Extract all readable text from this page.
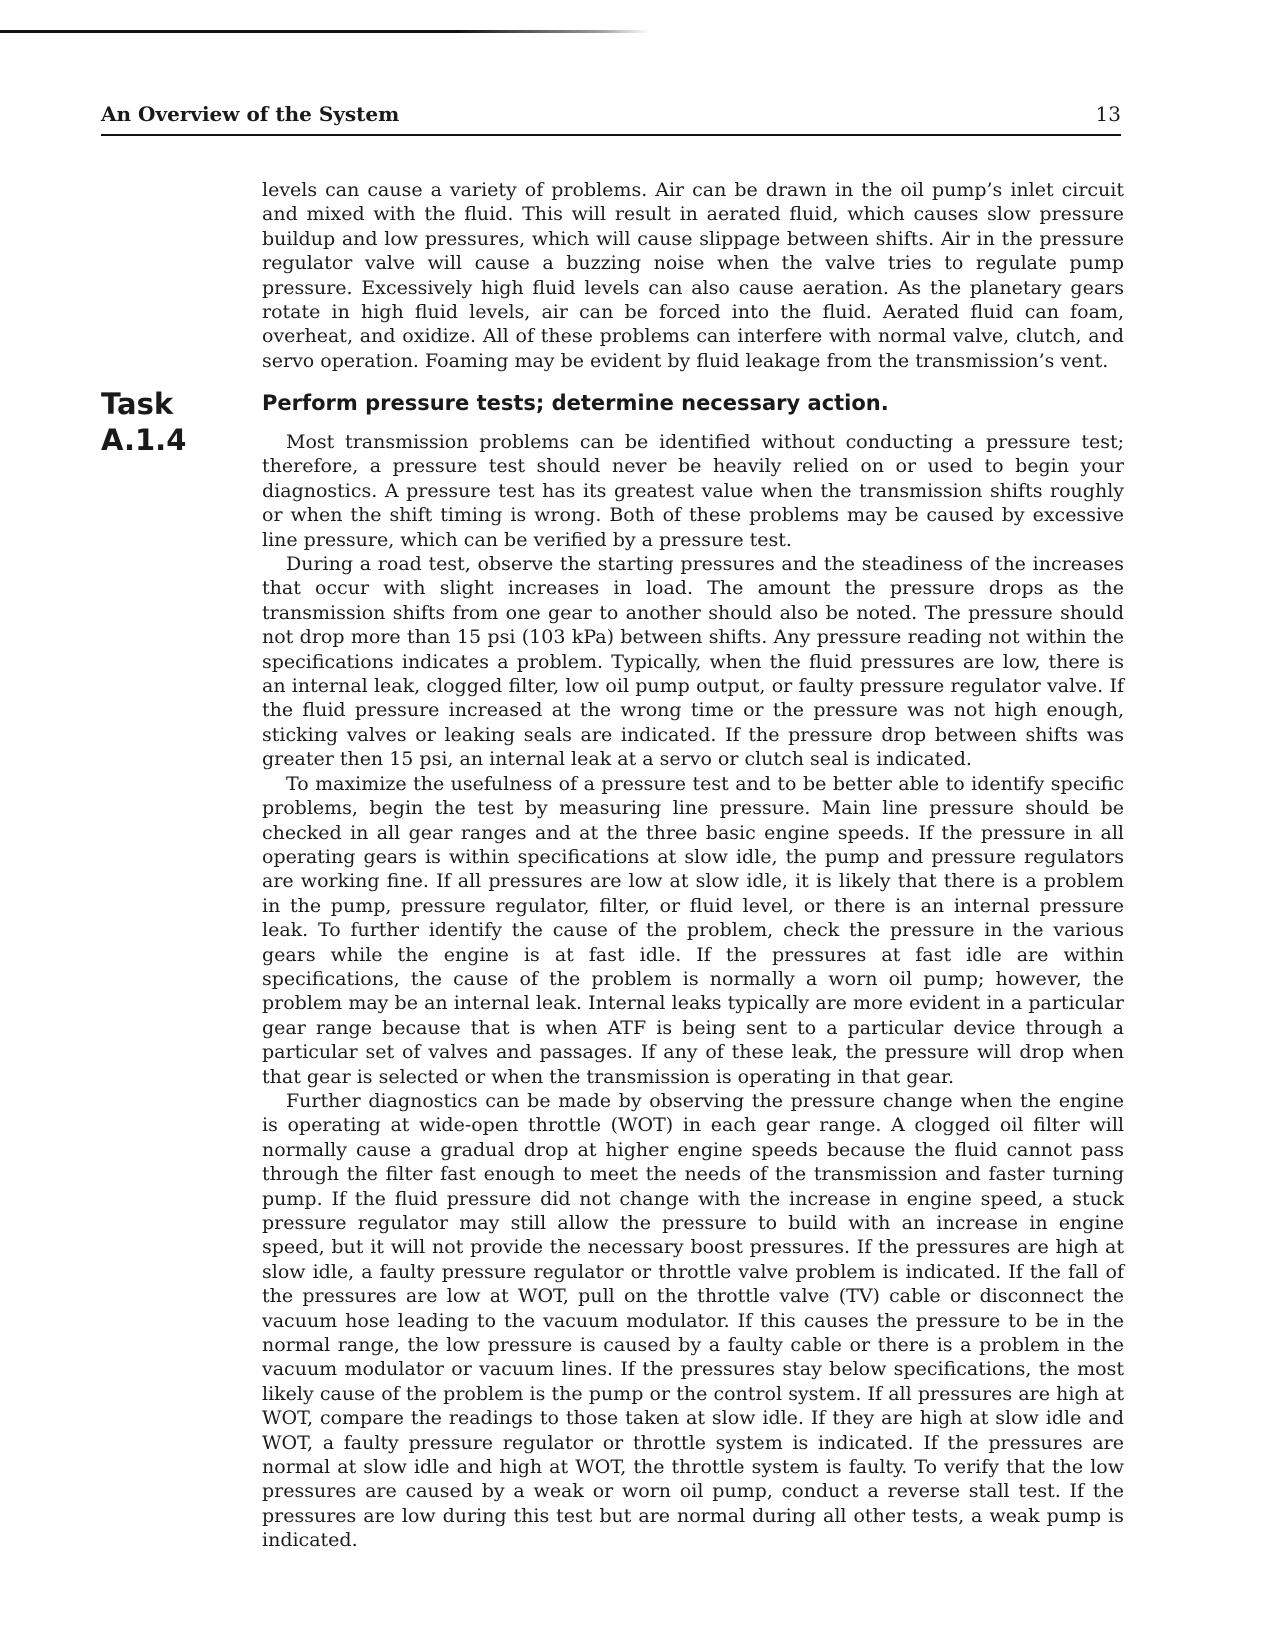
An Overview of the System	13

levels can cause a variety of problems. Air can be drawn in the oil pump’s inlet circuit and mixed with the fluid. This will result in aerated fluid, which causes slow pressure buildup and low pressures, which will cause slippage between shifts. Air in the pressure regulator valve will cause a buzzing noise when the valve tries to regulate pump pressure. Excessively high fluid levels can also cause aeration. As the planetary gears rotate in high fluid levels, air can be forced into the fluid. Aerated fluid can foam, overheat, and oxidize. All of these problems can interfere with normal valve, clutch, and servo operation. Foaming may be evident by fluid leakage from the transmission’s vent.

Task
A.1.4
Perform pressure tests; determine necessary action.

Most transmission problems can be identified without conducting a pressure test; therefore, a pressure test should never be heavily relied on or used to begin your diagnostics. A pressure test has its greatest value when the transmission shifts roughly or when the shift timing is wrong. Both of these problems may be caused by excessive line pressure, which can be verified by a pressure test.

During a road test, observe the starting pressures and the steadiness of the increases that occur with slight increases in load. The amount the pressure drops as the transmission shifts from one gear to another should also be noted. The pressure should not drop more than 15 psi (103 kPa) between shifts. Any pressure reading not within the specifications indicates a problem. Typically, when the fluid pressures are low, there is an internal leak, clogged filter, low oil pump output, or faulty pressure regulator valve. If the fluid pressure increased at the wrong time or the pressure was not high enough, sticking valves or leaking seals are indicated. If the pressure drop between shifts was greater then 15 psi, an internal leak at a servo or clutch seal is indicated.

To maximize the usefulness of a pressure test and to be better able to identify specific problems, begin the test by measuring line pressure. Main line pressure should be checked in all gear ranges and at the three basic engine speeds. If the pressure in all operating gears is within specifications at slow idle, the pump and pressure regulators are working fine. If all pressures are low at slow idle, it is likely that there is a problem in the pump, pressure regulator, filter, or fluid level, or there is an internal pressure leak. To further identify the cause of the problem, check the pressure in the various gears while the engine is at fast idle. If the pressures at fast idle are within specifications, the cause of the problem is normally a worn oil pump; however, the problem may be an internal leak. Internal leaks typically are more evident in a particular gear range because that is when ATF is being sent to a particular device through a particular set of valves and passages. If any of these leak, the pressure will drop when that gear is selected or when the transmission is operating in that gear.

Further diagnostics can be made by observing the pressure change when the engine is operating at wide-open throttle (WOT) in each gear range. A clogged oil filter will normally cause a gradual drop at higher engine speeds because the fluid cannot pass through the filter fast enough to meet the needs of the transmission and faster turning pump. If the fluid pressure did not change with the increase in engine speed, a stuck pressure regulator may still allow the pressure to build with an increase in engine speed, but it will not provide the necessary boost pressures. If the pressures are high at slow idle, a faulty pressure regulator or throttle valve problem is indicated. If the fall of the pressures are low at WOT, pull on the throttle valve (TV) cable or disconnect the vacuum hose leading to the vacuum modulator. If this causes the pressure to be in the normal range, the low pressure is caused by a faulty cable or there is a problem in the vacuum modulator or vacuum lines. If the pressures stay below specifications, the most likely cause of the problem is the pump or the control system. If all pressures are high at WOT, compare the readings to those taken at slow idle. If they are high at slow idle and WOT, a faulty pressure regulator or throttle system is indicated. If the pressures are normal at slow idle and high at WOT, the throttle system is faulty. To verify that the low pressures are caused by a weak or worn oil pump, conduct a reverse stall test. If the pressures are low during this test but are normal during all other tests, a weak pump is indicated.
